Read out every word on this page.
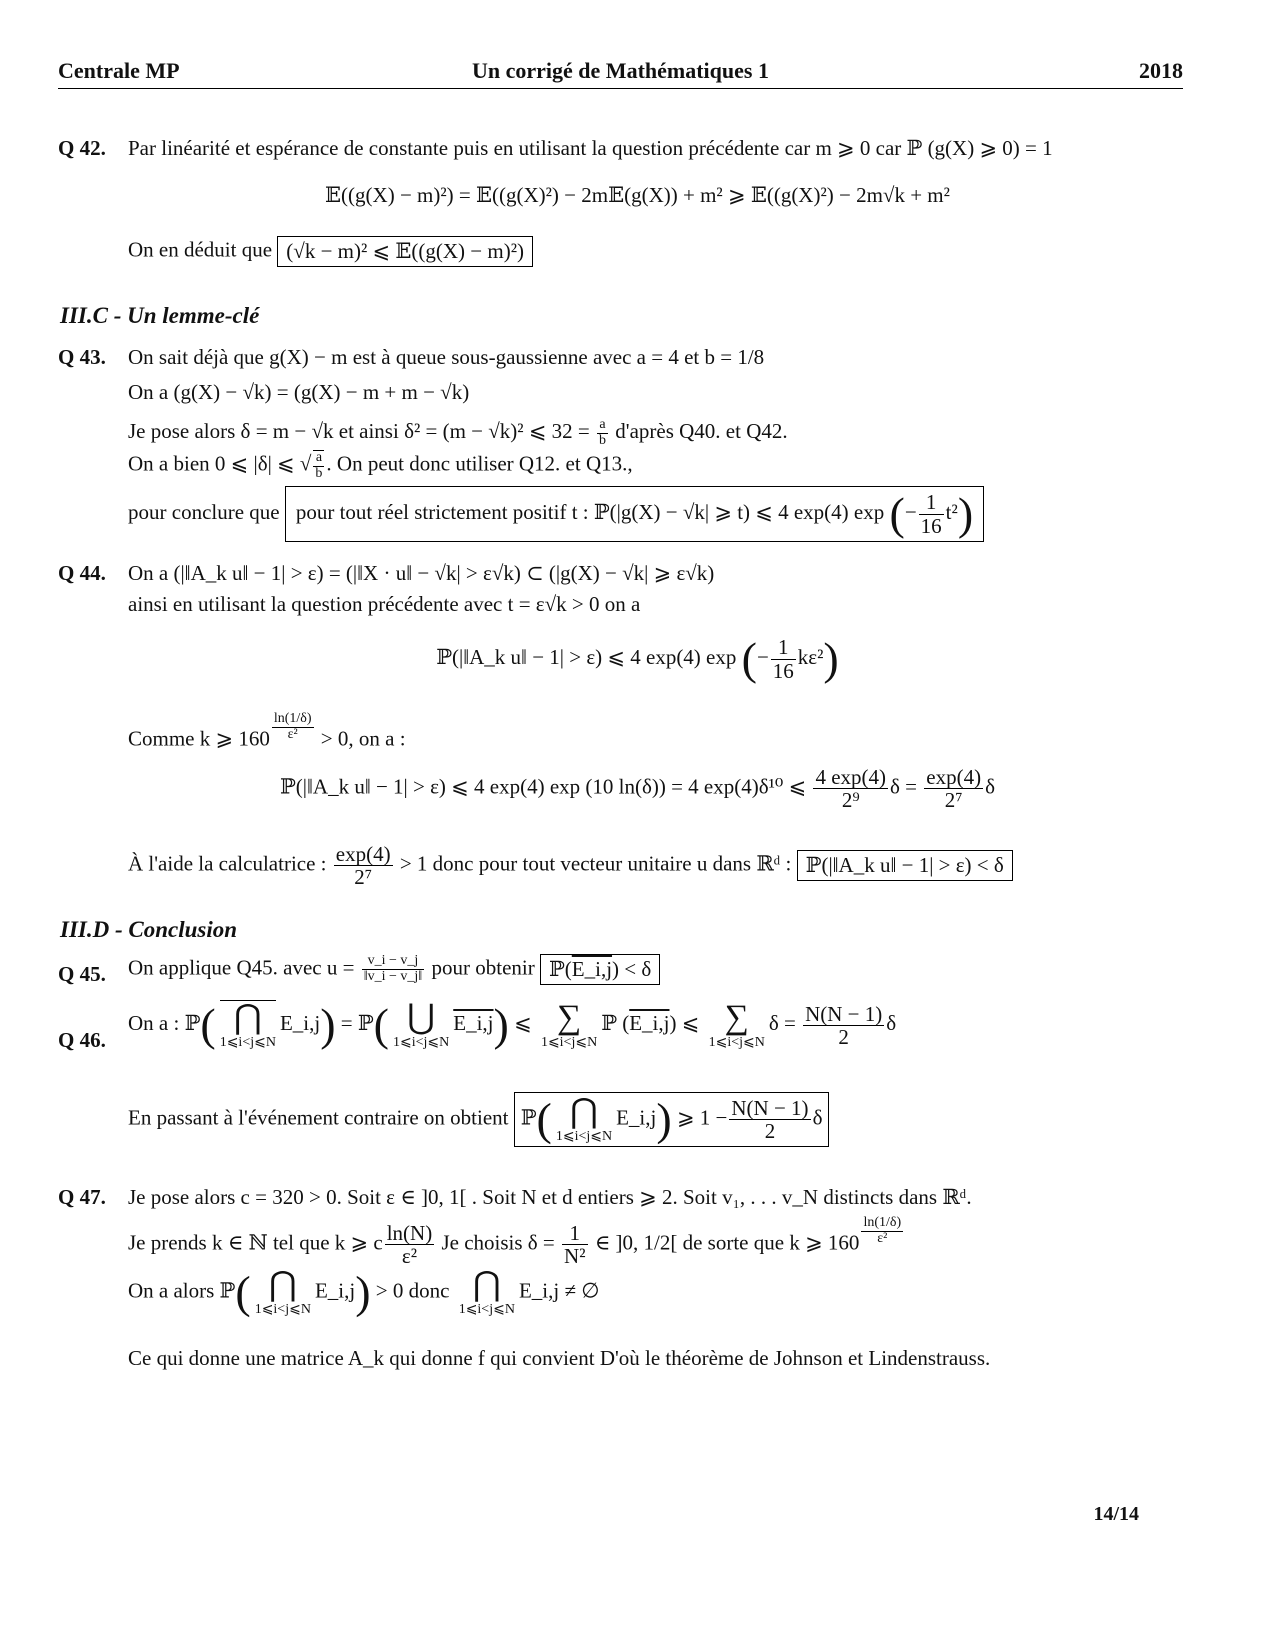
Centrale MP	Un corrigé de Mathématiques 1	2018
Q 42. Par linéarité et espérance de constante puis en utilisant la question précédente car m ⩾ 0 car ℙ (g(X) ⩾ 0) = 1
𝔼((g(X) − m)²) = 𝔼((g(X)²) − 2m𝔼(g(X)) + m² ⩾ 𝔼((g(X)²) − 2m√k + m²
On en déduit que (√k − m)² ⩽ 𝔼((g(X) − m)²)
III.C - Un lemme-clé
Q 43. On sait déjà que g(X) − m est à queue sous-gaussienne avec a = 4 et b = 1/8
On a (g(X) − √k) = (g(X) − m + m − √k)
Je pose alors δ = m − √k et ainsi δ² = (m − √k)² ⩽ $32 = \frac{a}{b}$ d'après Q40. et Q42.
On a bien 0 ⩽ |δ| ⩽ √ $\frac{a}{b}$ . On peut donc utiliser Q12. et Q13.,
pour conclure que pour tout réel strictement positif t : ℙ(|g(X) − √k| ⩾ t) ⩽ 4 exp(4) exp (− $\frac{1}{16} t^2$)
Q 44. On a (|‖A_k u‖ − 1| > ε) = (|‖X · u‖ − √k| > ε√k) ⊂ (|g(X) − √k| ⩾ ε√k)
ainsi en utilisant la question précédente avec t = ε√k > 0 on a
ℙ(|‖A_k u‖ − 1| > ε) ⩽ 4 exp(4) exp (− $\frac{1}{16} k\varepsilon^2$)
Comme k ⩾ $160 \frac{\ln(1/\delta)}{\text{ε²}} > 0$, on a :
ℙ(|‖A_k u‖ − 1| > ε) ⩽ 4 exp(4) exp (10 ln(δ)) = 4 exp(4)δ¹⁰ ⩽ $\frac{4 \exp(4)}{\text{2⁹}}$ $\delta = \frac{\exp(4)}{\text{2⁷}}$ δ
À l'aide la calculatrice : $\frac{\exp(4)}{\text{2⁷}} > 1$ donc pour tout vecteur unitaire u dans ℝᵈ : ℙ(|‖A_k u‖ − 1| > ε) < δ
III.D - Conclusion
Q 45. On applique Q45. avec $u = \frac{v\_i - v\_j}{‖v\_i - v\_j‖}$ pour obtenir ℙ(E_i,j) < δ
Q 46.
On a : ℙ( ⋂
1⩽i<j⩽N
E_i,j) = ℙ( ⋃
1⩽i<j⩽N
E_i,j) ⩽ ∑
1⩽i<j⩽N
ℙ (E_i,j) ⩽ ∑
1⩽i<j⩽N
$\delta = \frac{N(N - 1)}{2}$ δ
En passant à l'événement contraire on obtient ℙ( ⋂
1⩽i<j⩽N
E_i,j) ⩾ $1 - \frac{N(N - 1)}{2}$ δ
Q 47. Je pose alors c = 320 > 0. Soit ε ∈ ]0, 1[ . Soit N et d entiers ⩾ 2. Soit v₁, . . . v_N distincts dans ℝᵈ.
Je prends k ∈ ℕ tel que k ⩾ c $\frac{\ln(N)}{\text{ε²}}$ Je choisis $\delta = \frac{1}{\text{N²}}$ ∈ ]0, 1/2[ de sorte que k ⩾ $160 \frac{\ln(1/\delta)}{\text{ε²}}$
On a alors ℙ( ⋂
1⩽i<j⩽N
E_i,j) > 0 donc ⋂
1⩽i<j⩽N
E_i,j ≠ ∅
Ce qui donne une matrice A_k qui donne f qui convient D'où le théorème de Johnson et Lindenstrauss.
14/14
